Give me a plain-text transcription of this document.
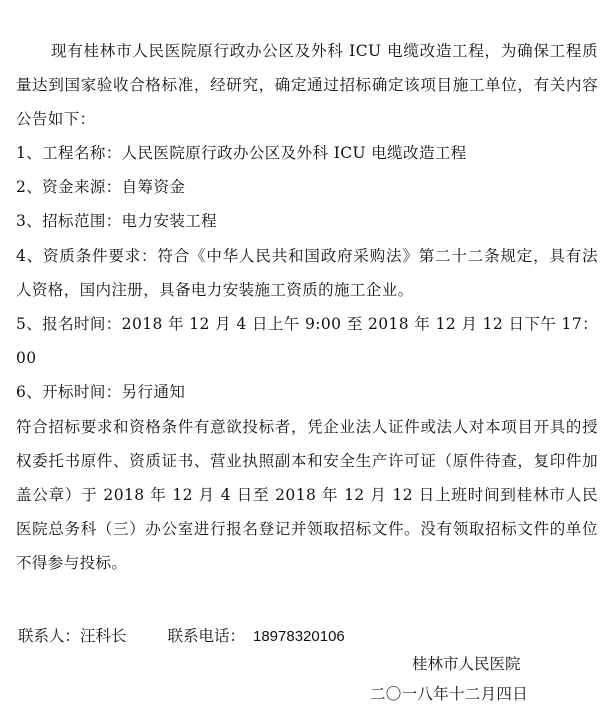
现有桂林市人民医院原行政办公区及外科 ICU 电缆改造工程，为确保工程质量达到国家验收合格标准，经研究，确定通过招标确定该项目施工单位，有关内容公告如下：

1、工程名称：人民医院原行政办公区及外科 ICU 电缆改造工程
2、资金来源：自筹资金
3、招标范围：电力安装工程
4、资质条件要求：符合《中华人民共和国政府采购法》第二十二条规定，具有法人资格，国内注册，具备电力安装施工资质的施工企业。
5、报名时间：2018 年 12 月 4 日上午 9:00 至 2018 年 12 月 12 日下午 17：00
6、开标时间：另行通知
符合招标要求和资格条件有意欲投标者，凭企业法人证件或法人对本项目开具的授权委托书原件、资质证书、营业执照副本和安全生产许可证（原件待查，复印件加盖公章）于 2018 年 12 月 4 日至 2018 年 12 月 12 日上班时间到桂林市人民医院总务科（三）办公室进行报名登记并领取招标文件。没有领取招标文件的单位不得参与投标。
联系人：汪科长	联系电话： 18978320106
桂林市人民医院
二〇一八年十二月四日
